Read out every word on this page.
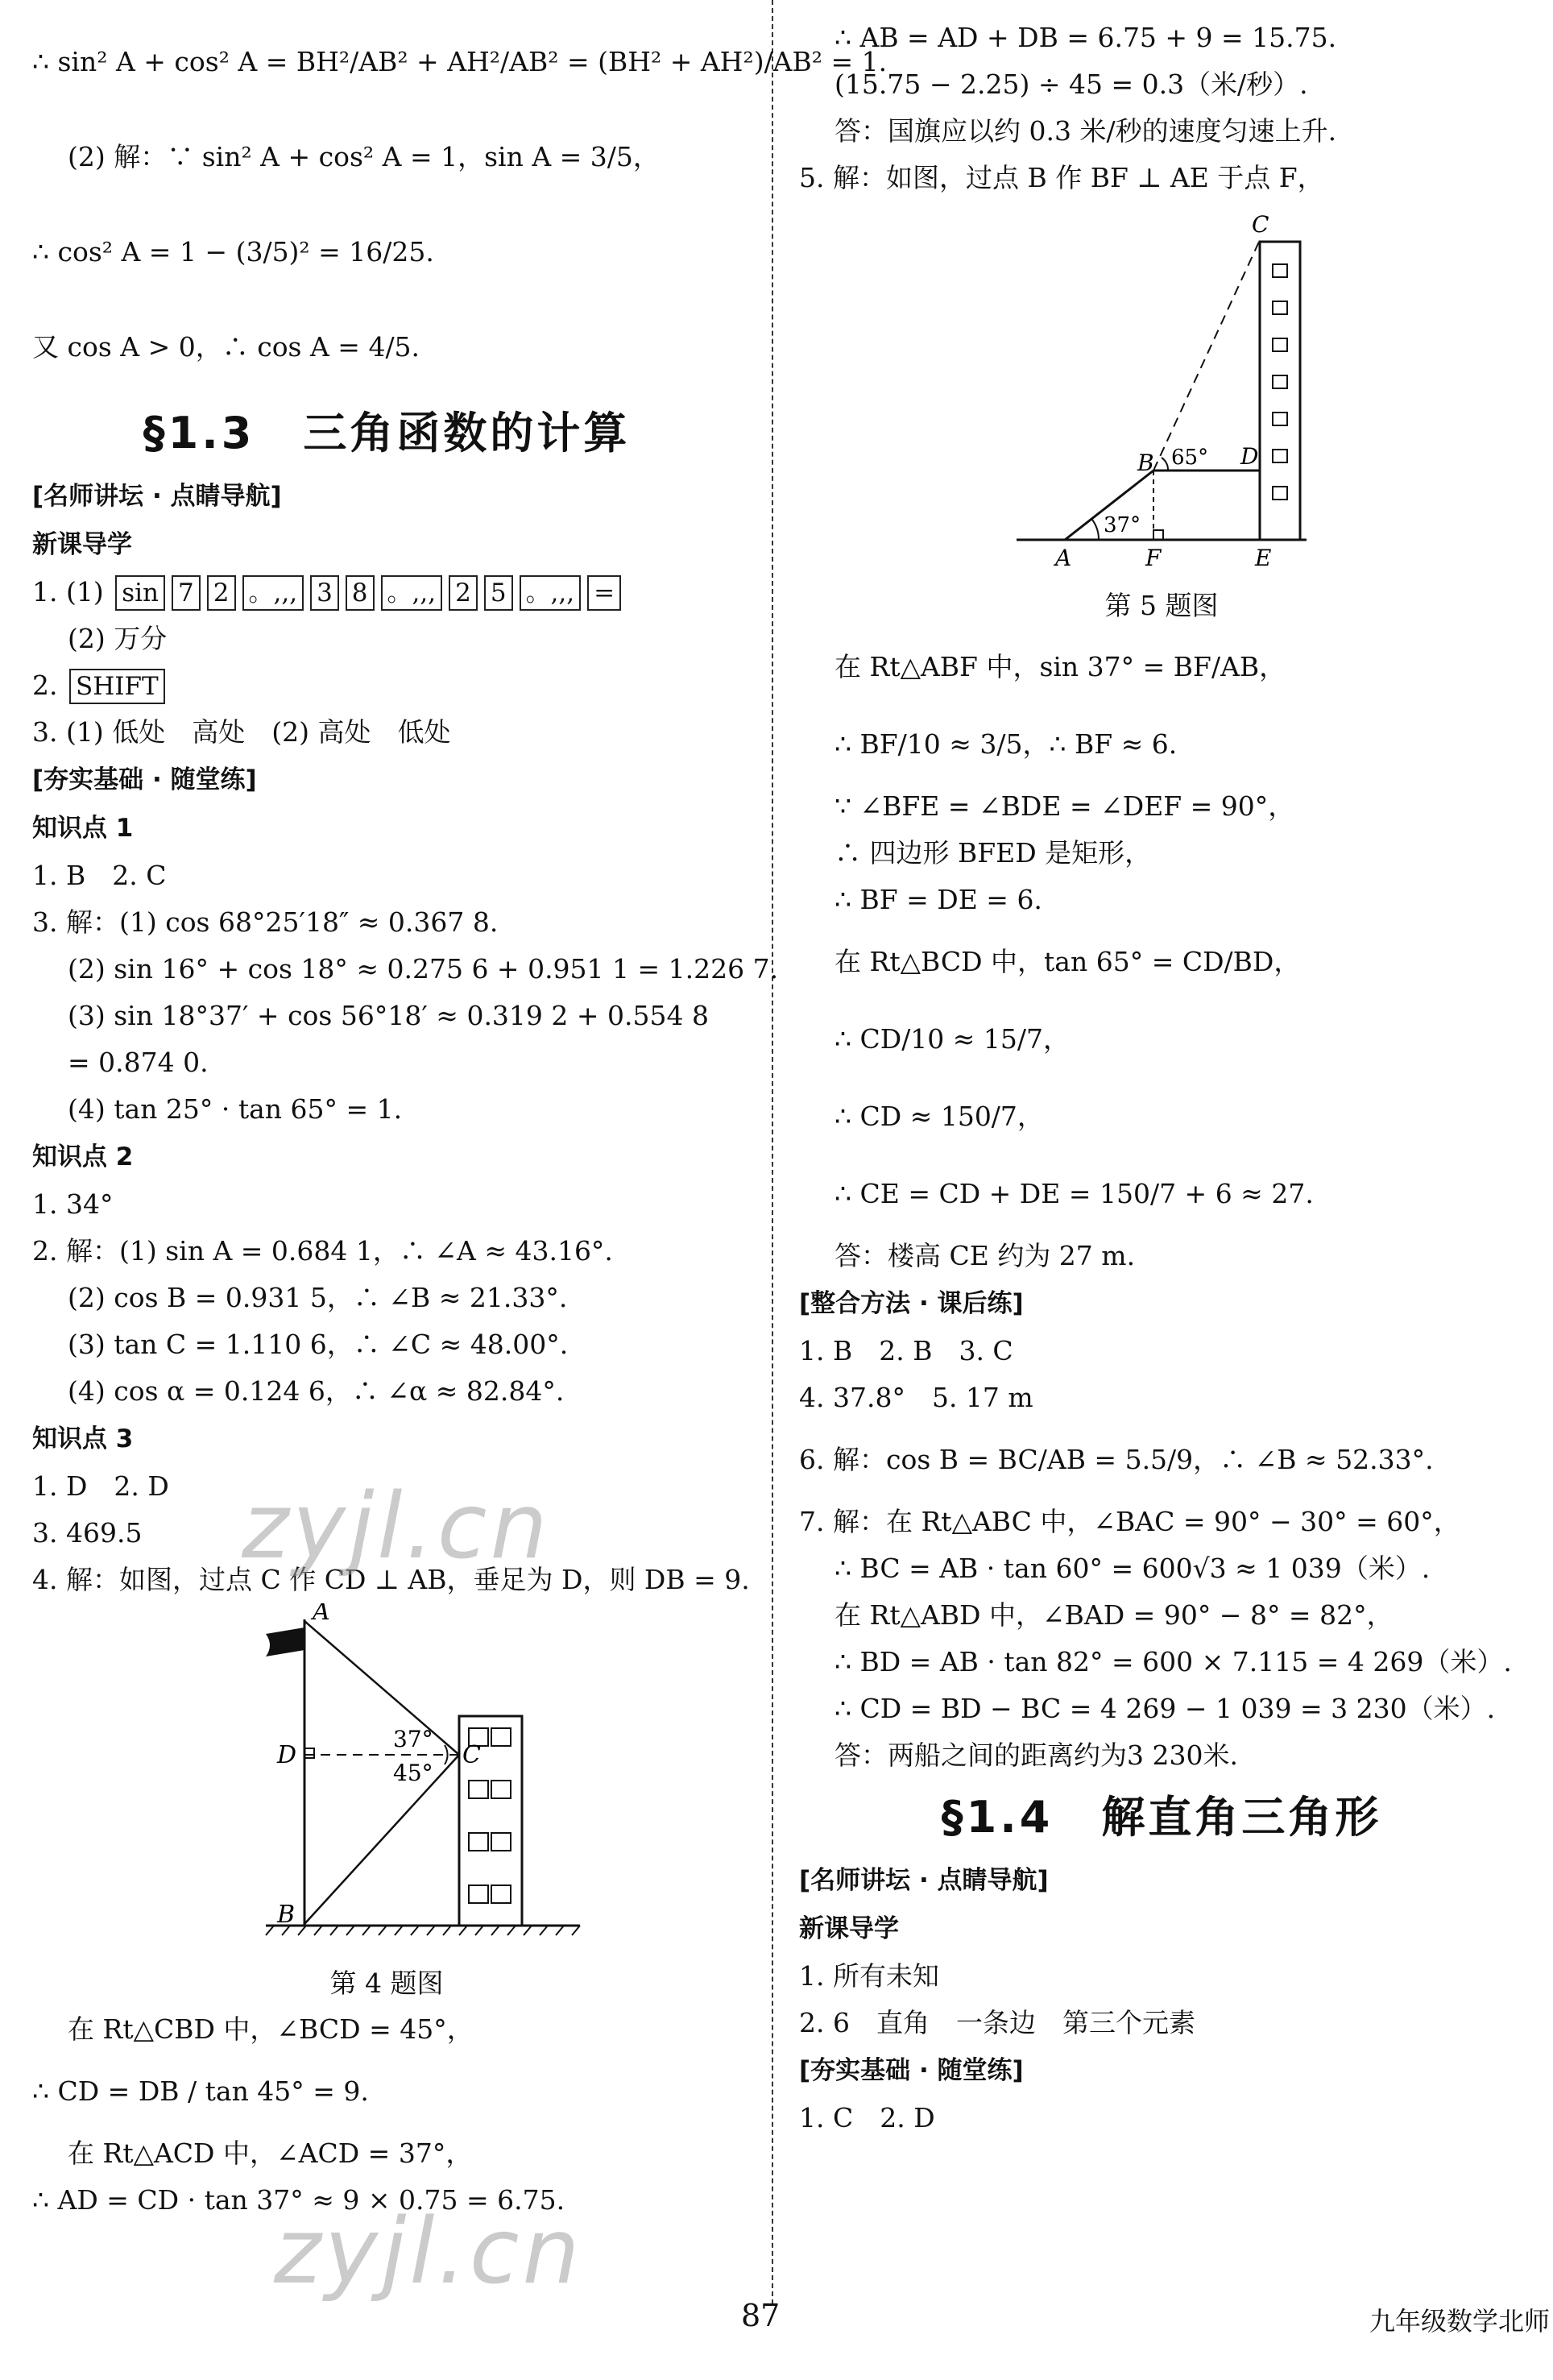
∴ sin² A + cos² A = BH²/AB² + AH²/AB² = (BH² + AH²)/AB² = 1.
(2) 解：∵ sin² A + cos² A = 1，sin A = 3/5，
∴ cos² A = 1 − (3/5)² = 16/25.
又 cos A > 0，∴ cos A = 4/5.
§1.3 三角函数的计算
[名师讲坛 · 点睛导航]
新课导学
1. (1) sin 7 2 。,,, 3 8 。,,, 2 5 。,,, =
(2) 万分
2. SHIFT
3. (1) 低处　高处　(2) 高处　低处
[夯实基础 · 随堂练]
知识点 1
1. B　2. C
3. 解：(1) cos 68°25′18″ ≈ 0.367 8.
(2) sin 16° + cos 18° ≈ 0.275 6 + 0.951 1 = 1.226 7.
(3) sin 18°37′ + cos 56°18′ ≈ 0.319 2 + 0.554 8
= 0.874 0.
(4) tan 25° · tan 65° = 1.
知识点 2
1. 34°
2. 解：(1) sin A = 0.684 1，∴ ∠A ≈ 43.16°.
(2) cos B = 0.931 5，∴ ∠B ≈ 21.33°.
(3) tan C = 1.110 6，∴ ∠C ≈ 48.00°.
(4) cos α = 0.124 6，∴ ∠α ≈ 82.84°.
知识点 3
1. D　2. D
3. 469.5
4. 解：如图，过点 C 作 CD ⊥ AB，垂足为 D，则 DB = 9.
A
B
C
D
37°
45°
第 4 题图
在 Rt△CBD 中，∠BCD = 45°，
∴ CD = DB / tan 45° = 9.
在 Rt△ACD 中，∠ACD = 37°，
∴ AD = CD · tan 37° ≈ 9 × 0.75 = 6.75.
∴ AB = AD + DB = 6.75 + 9 = 15.75.
(15.75 − 2.25) ÷ 45 = 0.3（米/秒）.
答：国旗应以约 0.3 米/秒的速度匀速上升.
5. 解：如图，过点 B 作 BF ⊥ AE 于点 F，
C
B	D
A	F	E
65°
37°
第 5 题图
在 Rt△ABF 中，sin 37° = BF/AB，
∴ BF/10 ≈ 3/5，∴ BF ≈ 6.
∵ ∠BFE = ∠BDE = ∠DEF = 90°，
∴ 四边形 BFED 是矩形，
∴ BF = DE = 6.
在 Rt△BCD 中，tan 65° = CD/BD，
∴ CD/10 ≈ 15/7，
∴ CD ≈ 150/7，
∴ CE = CD + DE = 150/7 + 6 ≈ 27.
答：楼高 CE 约为 27 m.
[整合方法 · 课后练]
1. B　2. B　3. C
4. 37.8°　5. 17 m
6. 解：cos B = BC/AB = 5.5/9，∴ ∠B ≈ 52.33°.
7. 解：在 Rt△ABC 中，∠BAC = 90° − 30° = 60°，
∴ BC = AB · tan 60° = 600√3 ≈ 1 039（米）.
在 Rt△ABD 中，∠BAD = 90° − 8° = 82°，
∴ BD = AB · tan 82° = 600 × 7.115 = 4 269（米）.
∴ CD = BD − BC = 4 269 − 1 039 = 3 230（米）.
答：两船之间的距离约为3 230米.
§1.4 解直角三角形
[名师讲坛 · 点睛导航]
新课导学
1. 所有未知
2. 6　直角　一条边　第三个元素
[夯实基础 · 随堂练]
1. C　2. D
zyjl.cn
zyjl.cn
87	九年级数学北师
